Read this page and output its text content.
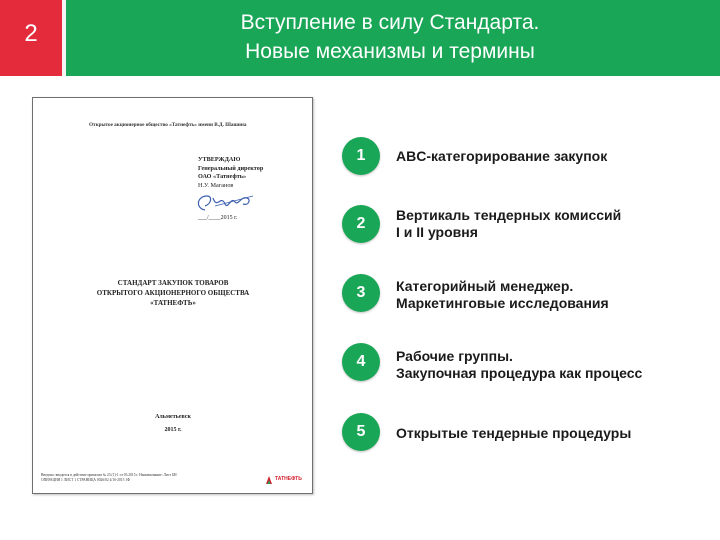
2	Вступление в силу Стандарта.
Новые механизмы и термины
Открытое акционерное общество «Татнефть» имени В.Д. Шашина
УТВЕРЖДАЮ
Генеральный директор
ОАО «Татнефть»
Н.У. Маганов
___/____2015 г.
СТАНДАРТ ЗАКУПОК ТОВАРОВ
ОТКРЫТОГО АКЦИОНЕРНОГО ОБЩЕСТВА
«ТАТНЕФТЬ»
Альметьевск
2015 г.
Введено: вводится в действие приказом № 23 (1)-1 от 03.2015 г. Наименование: Лист БН
ОПЕРАЦИЯ 1 ЛИСТ 1 СТРАНИЦА 0026/02 4/16-2015 1Ф	ТАТНЕФТЬ
1	ABC-категорирование закупок
2	Вертикаль тендерных комиссий
I и II уровня
3	Категорийный менеджер.
Маркетинговые исследования
4	Рабочие группы.
Закупочная процедура как процесс
5	Открытые тендерные процедуры
